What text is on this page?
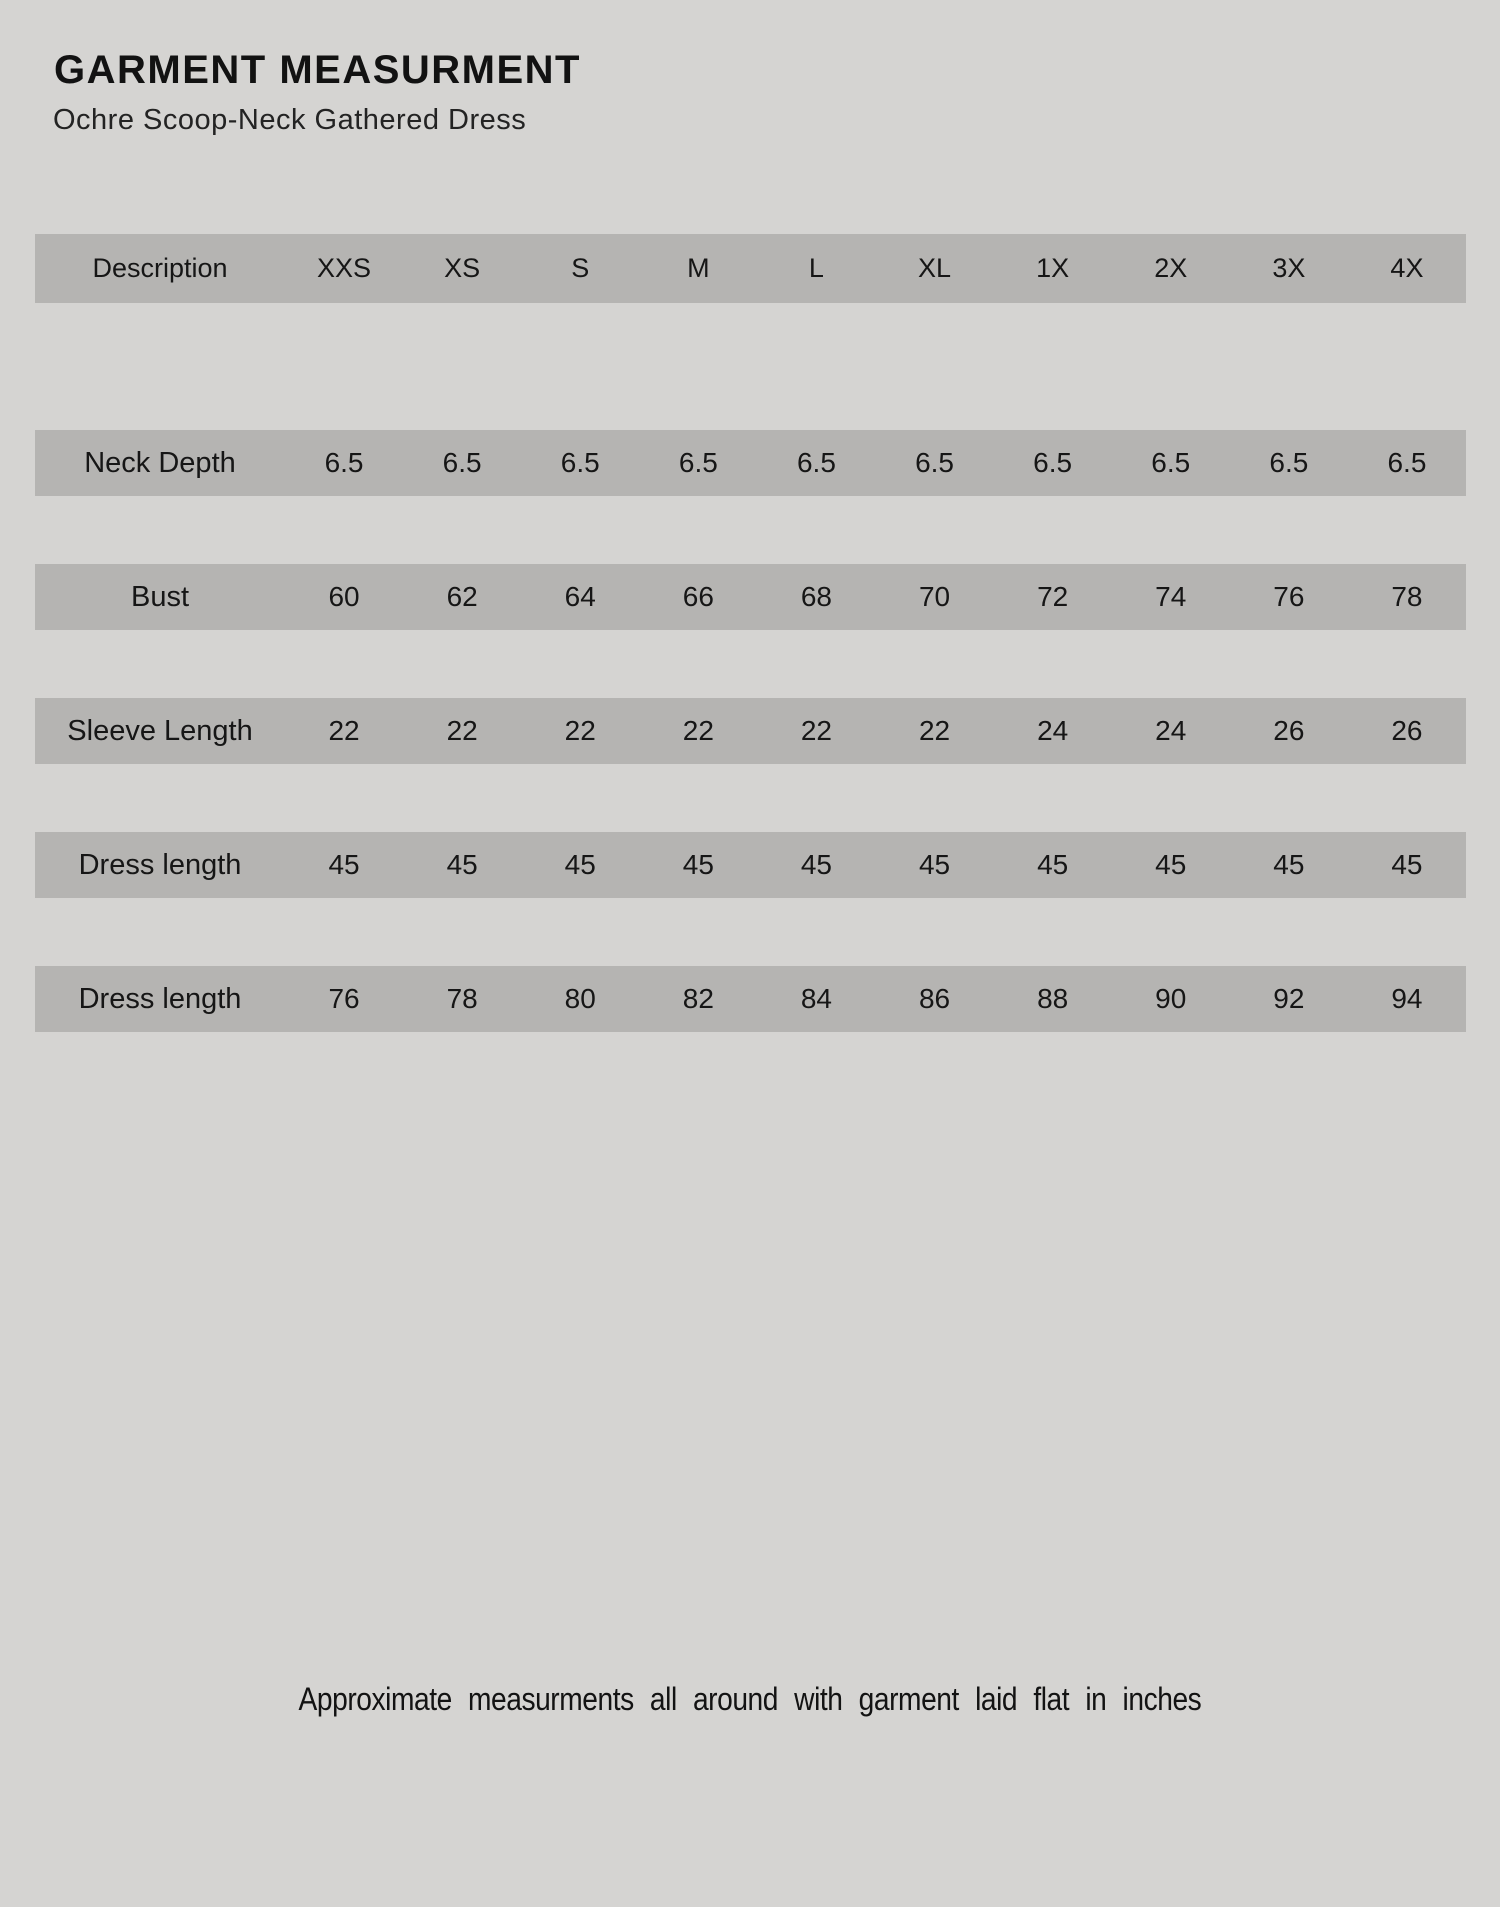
GARMENT MEASURMENT
Ochre Scoop-Neck Gathered Dress
Description	XXS	XS	S	M	L	XL	1X	2X	3X	4X
Neck Depth	6.5	6.5	6.5	6.5	6.5	6.5	6.5	6.5	6.5	6.5
Bust	60	62	64	66	68	70	72	74	76	78
Sleeve Length	22	22	22	22	22	22	24	24	26	26
Dress length	45	45	45	45	45	45	45	45	45	45
Dress length	76	78	80	82	84	86	88	90	92	94
Approximate measurments all around with garment laid flat in inches
